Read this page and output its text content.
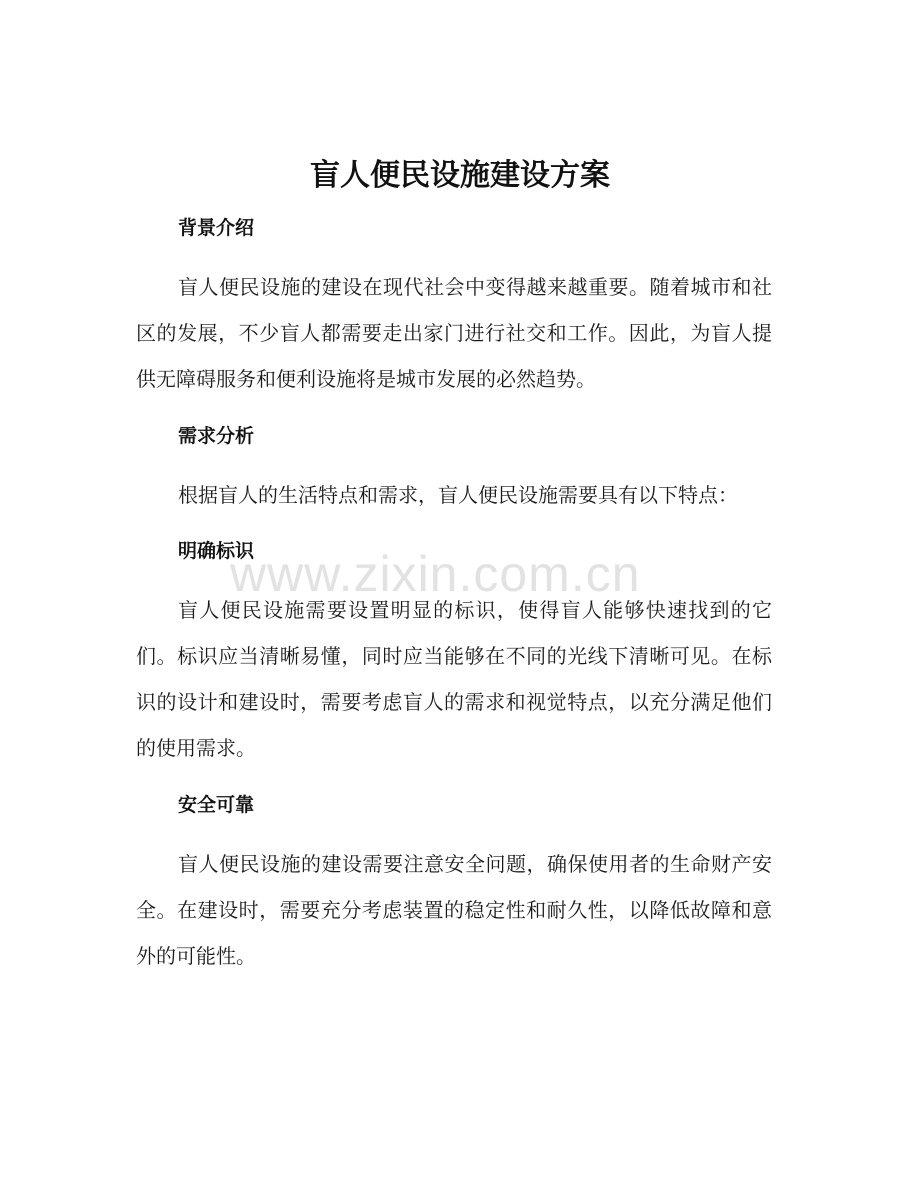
盲人便民设施建设方案
背景介绍

盲人便民设施的建设在现代社会中变得越来越重要。随着城市和社区的发展，不少盲人都需要走出家门进行社交和工作。因此，为盲人提供无障碍服务和便利设施将是城市发展的必然趋势。

需求分析

根据盲人的生活特点和需求，盲人便民设施需要具有以下特点：

明确标识

盲人便民设施需要设置明显的标识，使得盲人能够快速找到的它们。标识应当清晰易懂，同时应当能够在不同的光线下清晰可见。在标识的设计和建设时，需要考虑盲人的需求和视觉特点，以充分满足他们的使用需求。

安全可靠

盲人便民设施的建设需要注意安全问题，确保使用者的生命财产安全。在建设时，需要充分考虑装置的稳定性和耐久性，以降低故障和意外的可能性。

www.zixin.com.cn
